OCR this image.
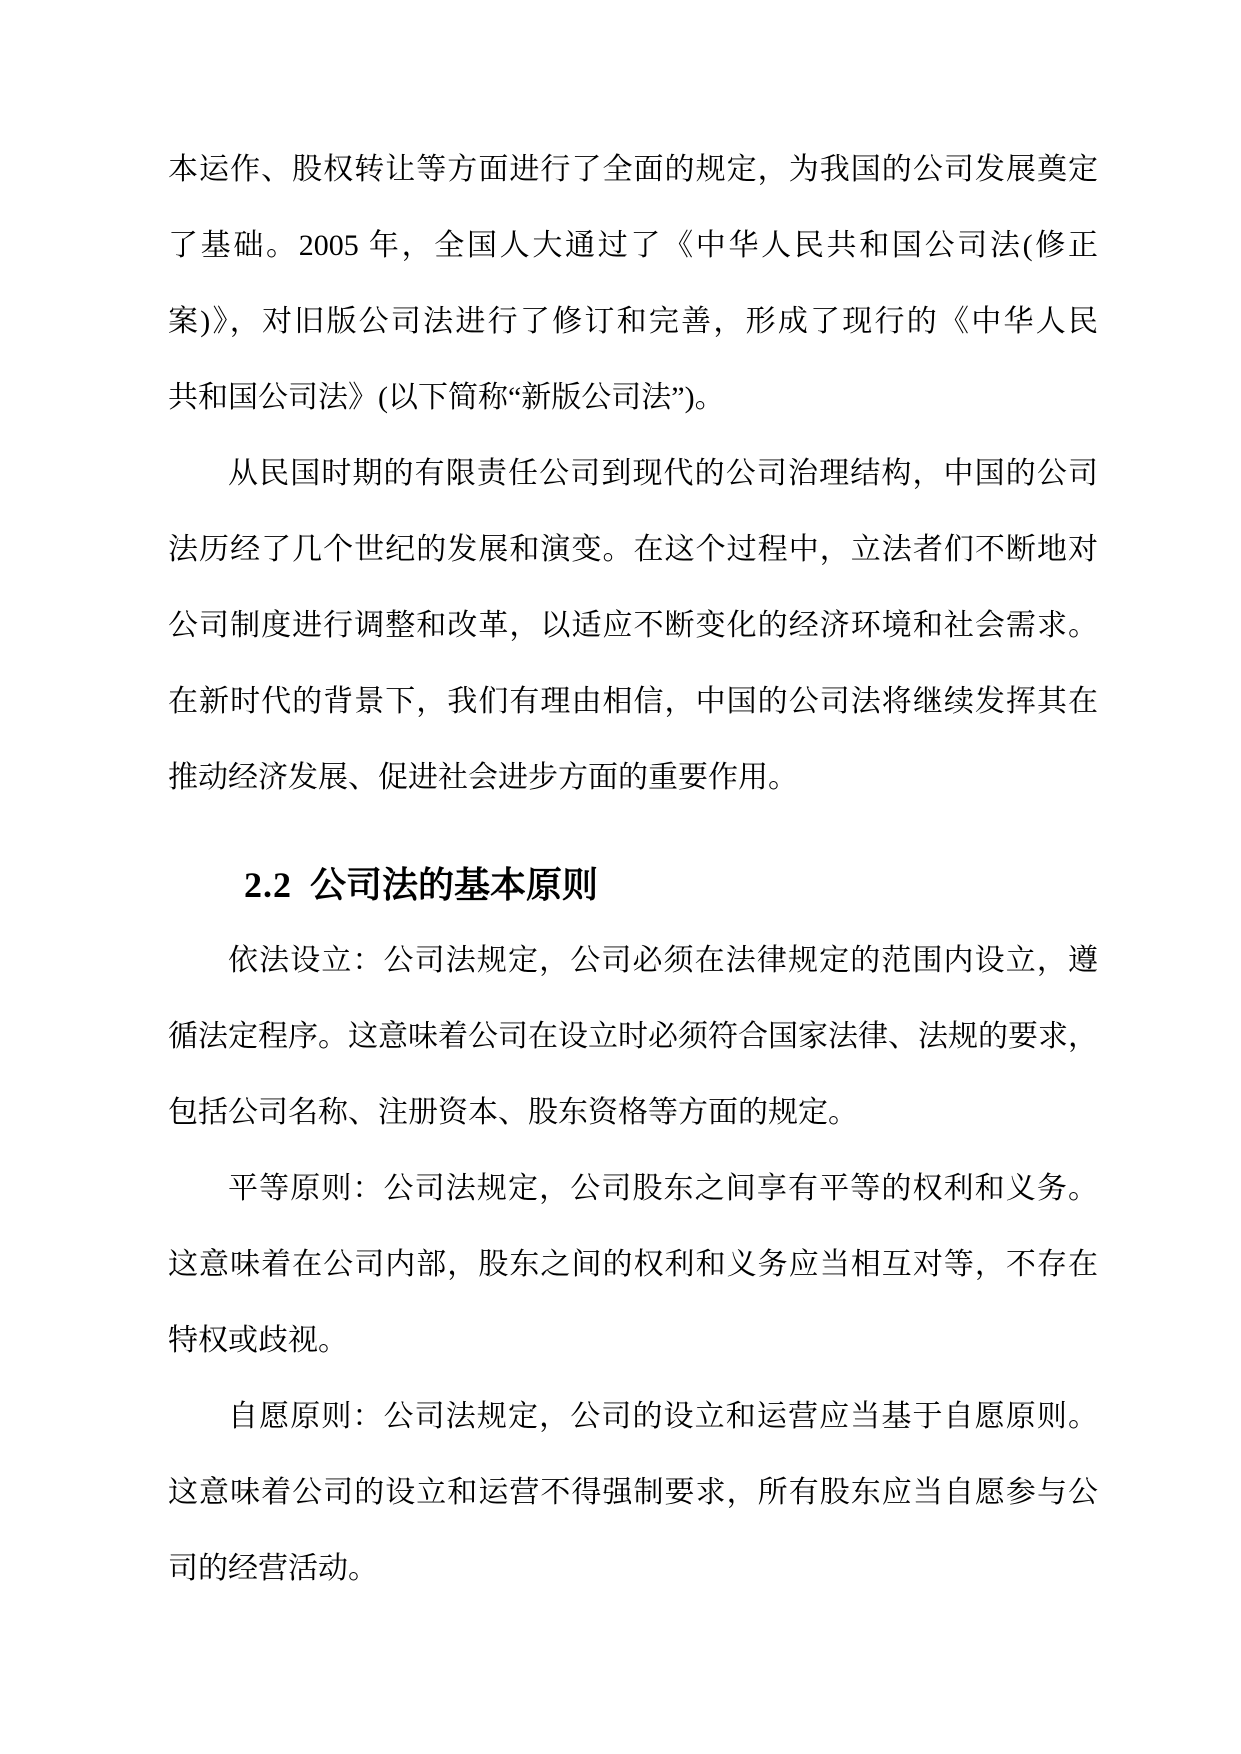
本运作、股权转让等方面进行了全面的规定，为我国的公司发展奠定
了基础。2005 年，全国人大通过了《中华人民共和国公司法(修正
案)》，对旧版公司法进行了修订和完善，形成了现行的《中华人民
共和国公司法》(以下简称“新版公司法”)。
从民国时期的有限责任公司到现代的公司治理结构，中国的公司
法历经了几个世纪的发展和演变。在这个过程中，立法者们不断地对
公司制度进行调整和改革，以适应不断变化的经济环境和社会需求。
在新时代的背景下，我们有理由相信，中国的公司法将继续发挥其在
推动经济发展、促进社会进步方面的重要作用。
2.2 公司法的基本原则
依法设立：公司法规定，公司必须在法律规定的范围内设立，遵
循法定程序。这意味着公司在设立时必须符合国家法律、法规的要求，
包括公司名称、注册资本、股东资格等方面的规定。
平等原则：公司法规定，公司股东之间享有平等的权利和义务。
这意味着在公司内部，股东之间的权利和义务应当相互对等，不存在
特权或歧视。
自愿原则：公司法规定，公司的设立和运营应当基于自愿原则。
这意味着公司的设立和运营不得强制要求，所有股东应当自愿参与公
司的经营活动。
